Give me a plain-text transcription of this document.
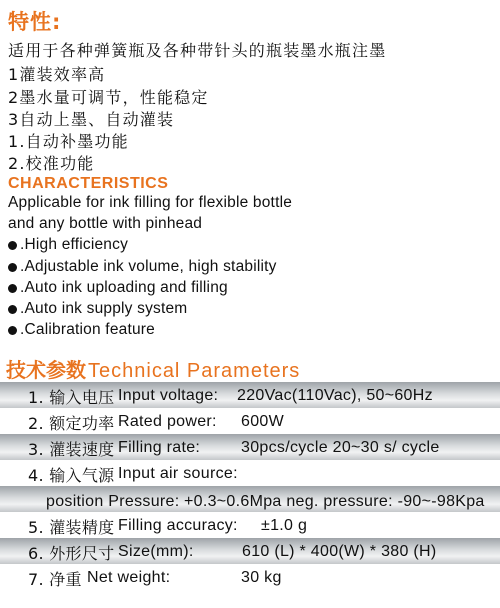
特性:
适用于各种弹簧瓶及各种带针头的瓶装墨水瓶注墨
1灌装效率高
2墨水量可调节，性能稳定
3自动上墨、自动灌装
1.自动补墨功能
2.校准功能
CHARACTERISTICS
Applicable for ink filling for flexible bottle
and any bottle with pinhead
.High efficiency
.Adjustable ink volume, high stability
.Auto ink uploading and filling
.Auto ink supply system
.Calibration feature
技术参数 Technical Parameters
1. 输入电压 Input voltage: 220Vac(110Vac), 50~60Hz
2. 额定功率 Rated power: 600W
3. 灌装速度 Filling rate:	30pcs/cycle 20~30 s/ cycle
4. 输入气源 Input air source:
position Pressure: +0.3~0.6Mpa neg. pressure: -90~-98Kpa
5. 灌装精度 Filling accuracy: ±1.0 g
6. 外形尺寸 Size(mm):	610 (L) * 400(W) * 380 (H)
7. 净重 Net weight:	30 kg
